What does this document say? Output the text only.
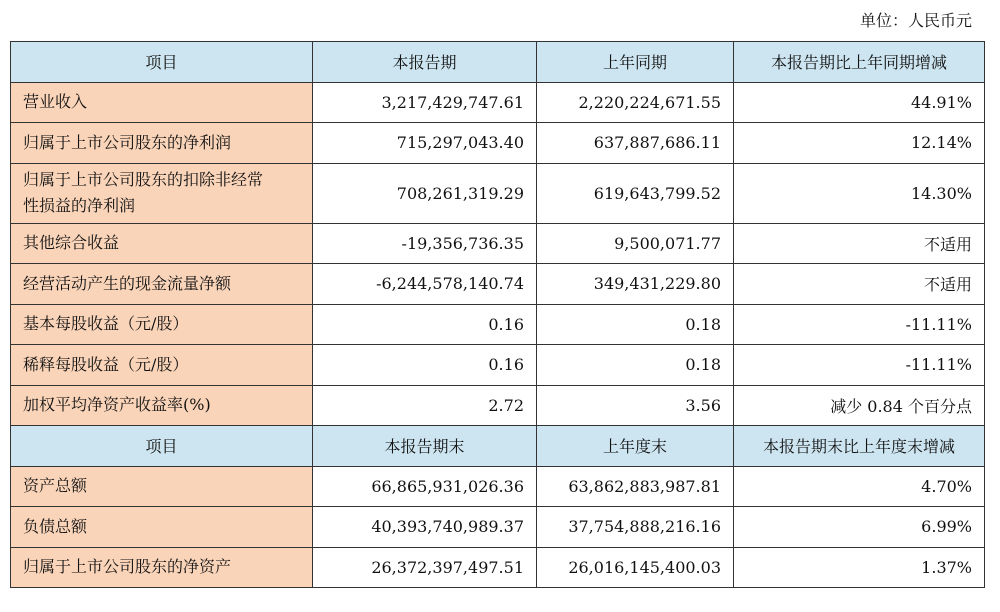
单位：人民币元
项目	本报告期	上年同期	本报告期比上年同期增减
营业收入	3,217,429,747.61	2,220,224,671.55	44.91%
归属于上市公司股东的净利润	715,297,043.40	637,887,686.11	12.14%
归属于上市公司股东的扣除非经常
性损益的净利润	708,261,319.29	619,643,799.52	14.30%
其他综合收益	-19,356,736.35	9,500,071.77	不适用
经营活动产生的现金流量净额	-6,244,578,140.74	349,431,229.80	不适用
基本每股收益（元/股）	0.16	0.18	-11.11%
稀释每股收益（元/股）	0.16	0.18	-11.11%
加权平均净资产收益率(%)	2.72	3.56	减少 0.84 个百分点
项目	本报告期末	上年度末	本报告期末比上年度末增减
资产总额	66,865,931,026.36	63,862,883,987.81	4.70%
负债总额	40,393,740,989.37	37,754,888,216.16	6.99%
归属于上市公司股东的净资产	26,372,397,497.51	26,016,145,400.03	1.37%
